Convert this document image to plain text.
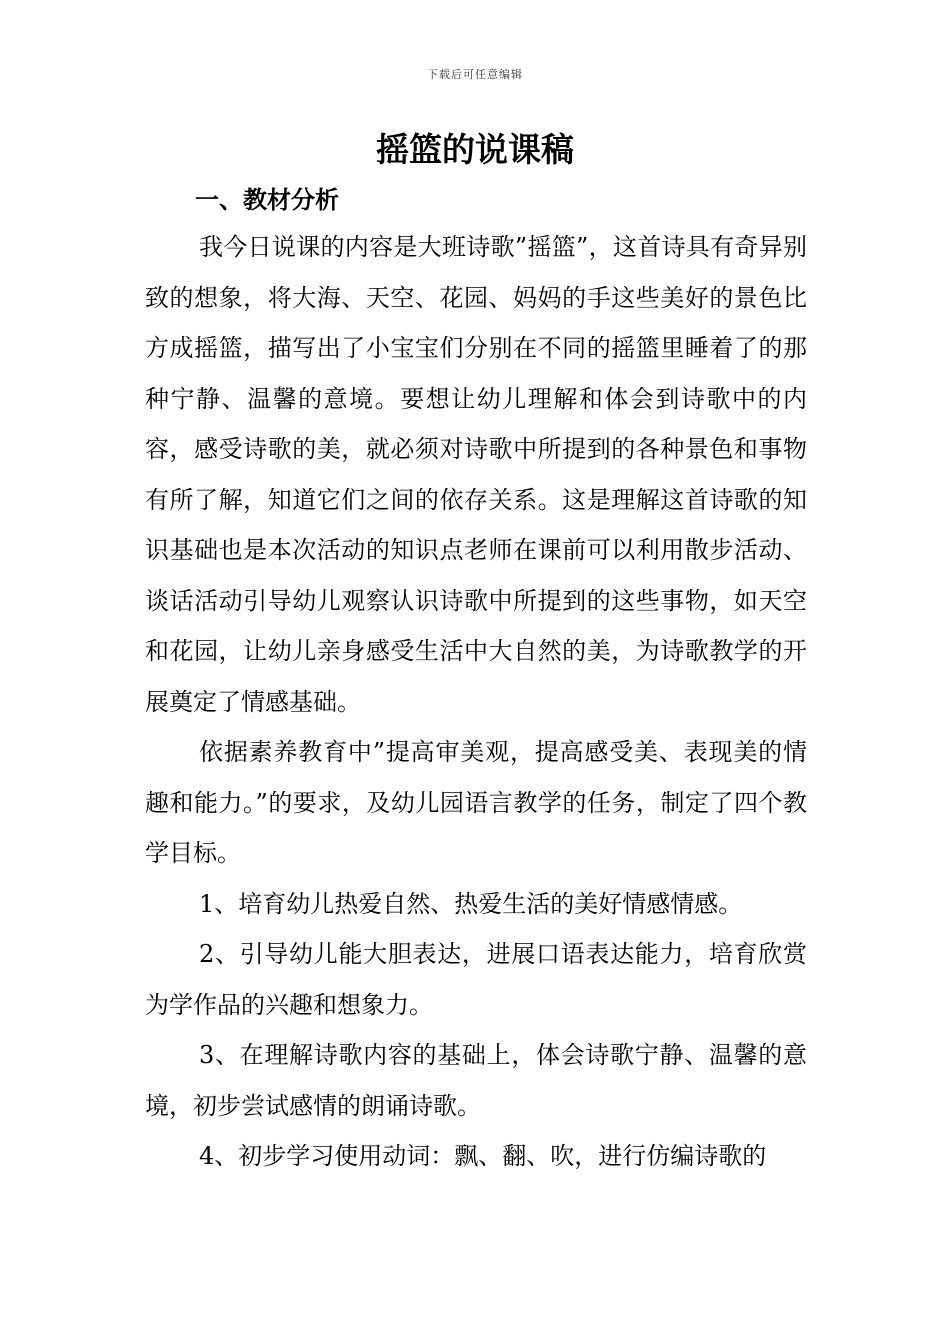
下载后可任意编辑
摇篮的说课稿
一、教材分析

我今日说课的内容是大班诗歌”摇篮”，这首诗具有奇异别致的想象，将大海、天空、花园、妈妈的手这些美好的景色比方成摇篮，描写出了小宝宝们分别在不同的摇篮里睡着了的那种宁静、温馨的意境。要想让幼儿理解和体会到诗歌中的内容，感受诗歌的美，就必须对诗歌中所提到的各种景色和事物有所了解，知道它们之间的依存关系。这是理解这首诗歌的知识基础也是本次活动的知识点老师在课前可以利用散步活动、谈话活动引导幼儿观察认识诗歌中所提到的这些事物，如天空和花园，让幼儿亲身感受生活中大自然的美，为诗歌教学的开展奠定了情感基础。

依据素养教育中”提高审美观，提高感受美、表现美的情趣和能力。”的要求，及幼儿园语言教学的任务，制定了四个教学目标。

1、培育幼儿热爱自然、热爱生活的美好情感情感。

2、引导幼儿能大胆表达，进展口语表达能力，培育欣赏为学作品的兴趣和想象力。

3、在理解诗歌内容的基础上，体会诗歌宁静、温馨的意境，初步尝试感情的朗诵诗歌。

4、初步学习使用动词：飘、翻、吹，进行仿编诗歌的
